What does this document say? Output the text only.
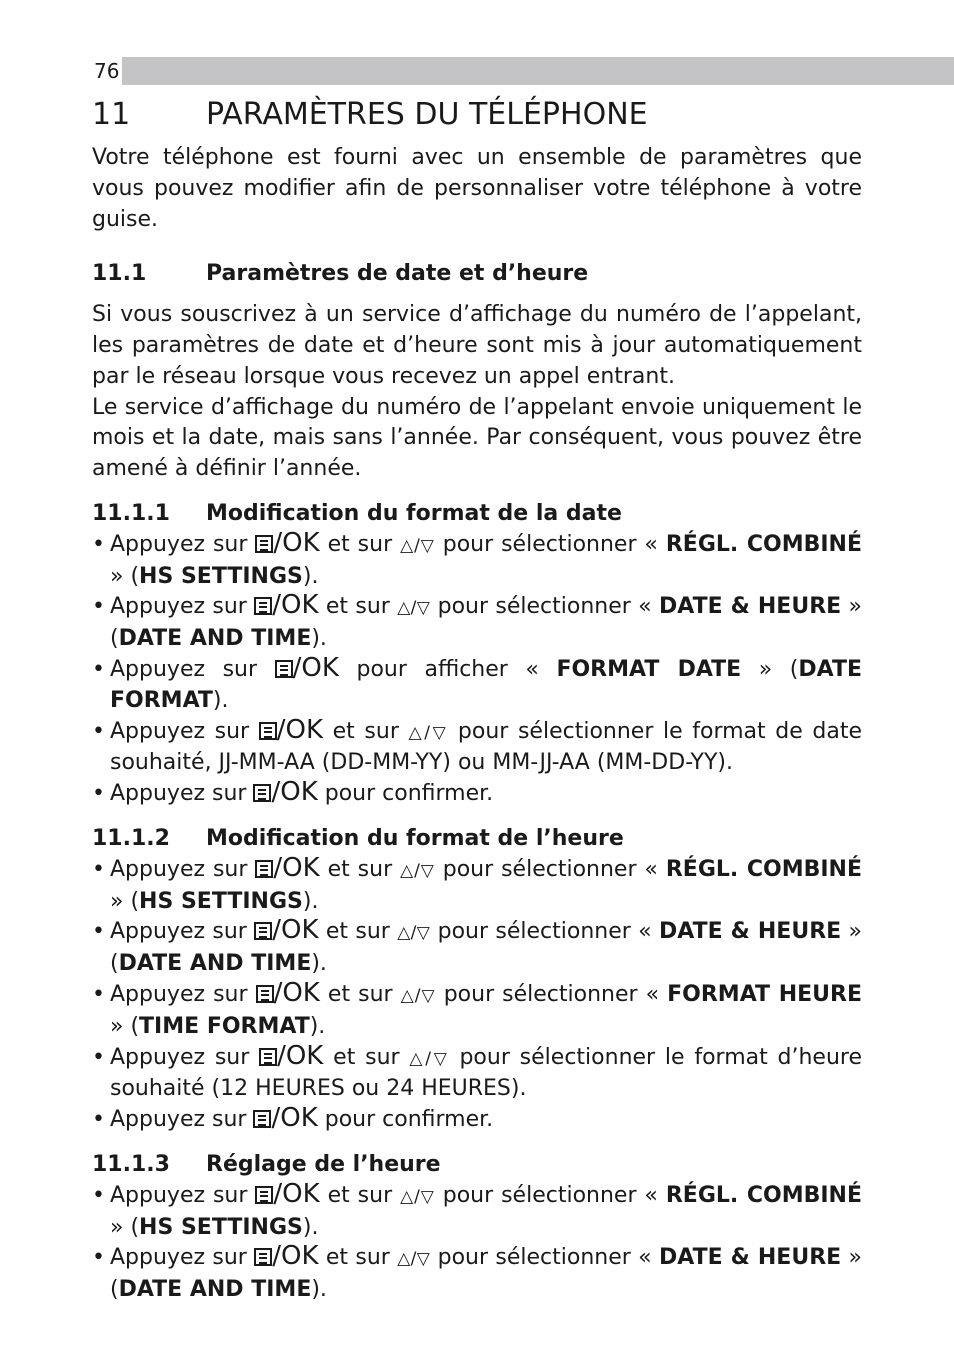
76
11	PARAMÈTRES DU TÉLÉPHONE

Votre téléphone est fourni avec un ensemble de paramètres que vous pouvez modifier afin de personnaliser votre téléphone à votre guise.

11.1	Paramètres de date et d’heure

Si vous souscrivez à un service d’affichage du numéro de l’appelant, les paramètres de date et d’heure sont mis à jour automatiquement par le réseau lorsque vous recevez un appel entrant.

Le service d’affichage du numéro de l’appelant envoie uniquement le mois et la date, mais sans l’année. Par conséquent, vous pouvez être amené à définir l’année.

11.1.1 Modification du format de la date
• Appuyez sur /OK et sur △/▽ pour sélectionner « RÉGL. COMBINÉ » (HS SETTINGS).
• Appuyez sur /OK et sur △/▽ pour sélectionner « DATE & HEURE » (DATE AND TIME).
• Appuyez sur /OK pour afficher « FORMAT DATE » (DATE FORMAT).
• Appuyez sur /OK et sur △/▽ pour sélectionner le format de date souhaité, JJ-MM-AA (DD-MM-YY) ou MM-JJ-AA (MM-DD-YY).
• Appuyez sur /OK pour confirmer.
11.1.2 Modification du format de l’heure
• Appuyez sur /OK et sur △/▽ pour sélectionner « RÉGL. COMBINÉ » (HS SETTINGS).
• Appuyez sur /OK et sur △/▽ pour sélectionner « DATE & HEURE » (DATE AND TIME).
• Appuyez sur /OK et sur △/▽ pour sélectionner « FORMAT HEURE » (TIME FORMAT).
• Appuyez sur /OK et sur △/▽ pour sélectionner le format d’heure souhaité (12 HEURES ou 24 HEURES).
• Appuyez sur /OK pour confirmer.
11.1.3 Réglage de l’heure
• Appuyez sur /OK et sur △/▽ pour sélectionner « RÉGL. COMBINÉ » (HS SETTINGS).
• Appuyez sur /OK et sur △/▽ pour sélectionner « DATE & HEURE » (DATE AND TIME).
